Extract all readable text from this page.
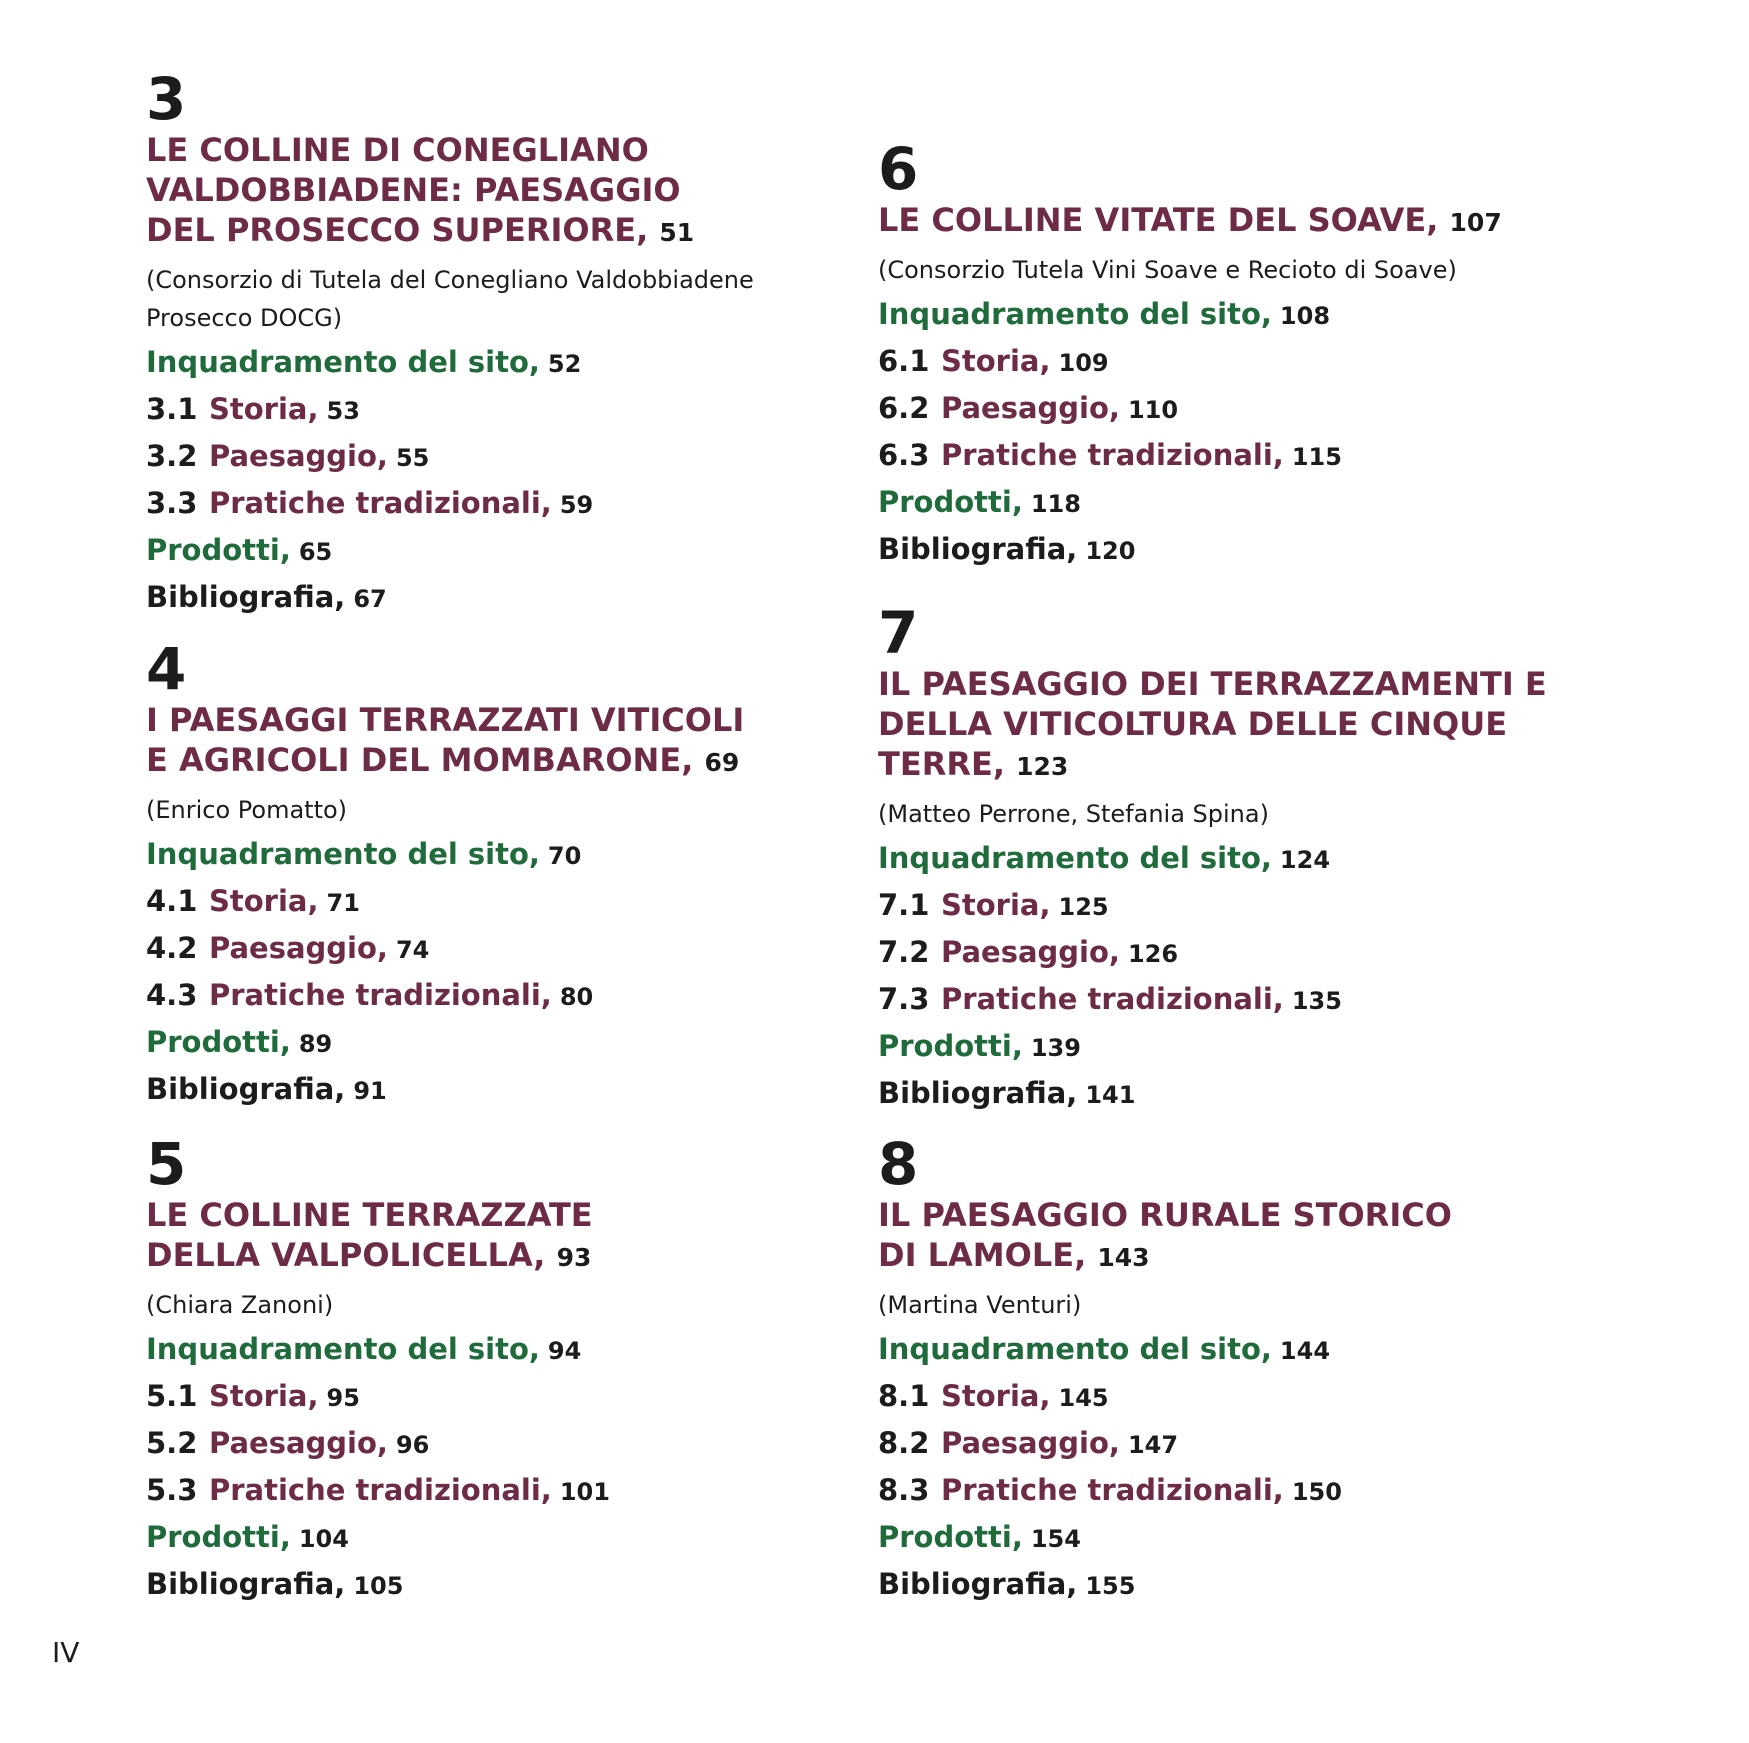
3
LE COLLINE DI CONEGLIANO VALDOBBIADENE: PAESAGGIO DEL PROSECCO SUPERIORE, 51
(Consorzio di Tutela del Conegliano Valdobbiadene Prosecco DOCG)
Inquadramento del sito, 52
3.1 Storia, 53
3.2 Paesaggio, 55
3.3 Pratiche tradizionali, 59
Prodotti, 65
Bibliografia, 67
4
I PAESAGGI TERRAZZATI VITICOLI E AGRICOLI DEL MOMBARONE, 69
(Enrico Pomatto)
Inquadramento del sito, 70
4.1 Storia, 71
4.2 Paesaggio, 74
4.3 Pratiche tradizionali, 80
Prodotti, 89
Bibliografia, 91
5
LE COLLINE TERRAZZATE DELLA VALPOLICELLA, 93
(Chiara Zanoni)
Inquadramento del sito, 94
5.1 Storia, 95
5.2 Paesaggio, 96
5.3 Pratiche tradizionali, 101
Prodotti, 104
Bibliografia, 105
6
LE COLLINE VITATE DEL SOAVE, 107
(Consorzio Tutela Vini Soave e Recioto di Soave)
Inquadramento del sito, 108
6.1 Storia, 109
6.2 Paesaggio, 110
6.3 Pratiche tradizionali, 115
Prodotti, 118
Bibliografia, 120
7
IL PAESAGGIO DEI TERRAZZAMENTI E DELLA VITICOLTURA DELLE CINQUE TERRE, 123
(Matteo Perrone, Stefania Spina)
Inquadramento del sito, 124
7.1 Storia, 125
7.2 Paesaggio, 126
7.3 Pratiche tradizionali, 135
Prodotti, 139
Bibliografia, 141
8
IL PAESAGGIO RURALE STORICO DI LAMOLE, 143
(Martina Venturi)
Inquadramento del sito, 144
8.1 Storia, 145
8.2 Paesaggio, 147
8.3 Pratiche tradizionali, 150
Prodotti, 154
Bibliografia, 155
IV
